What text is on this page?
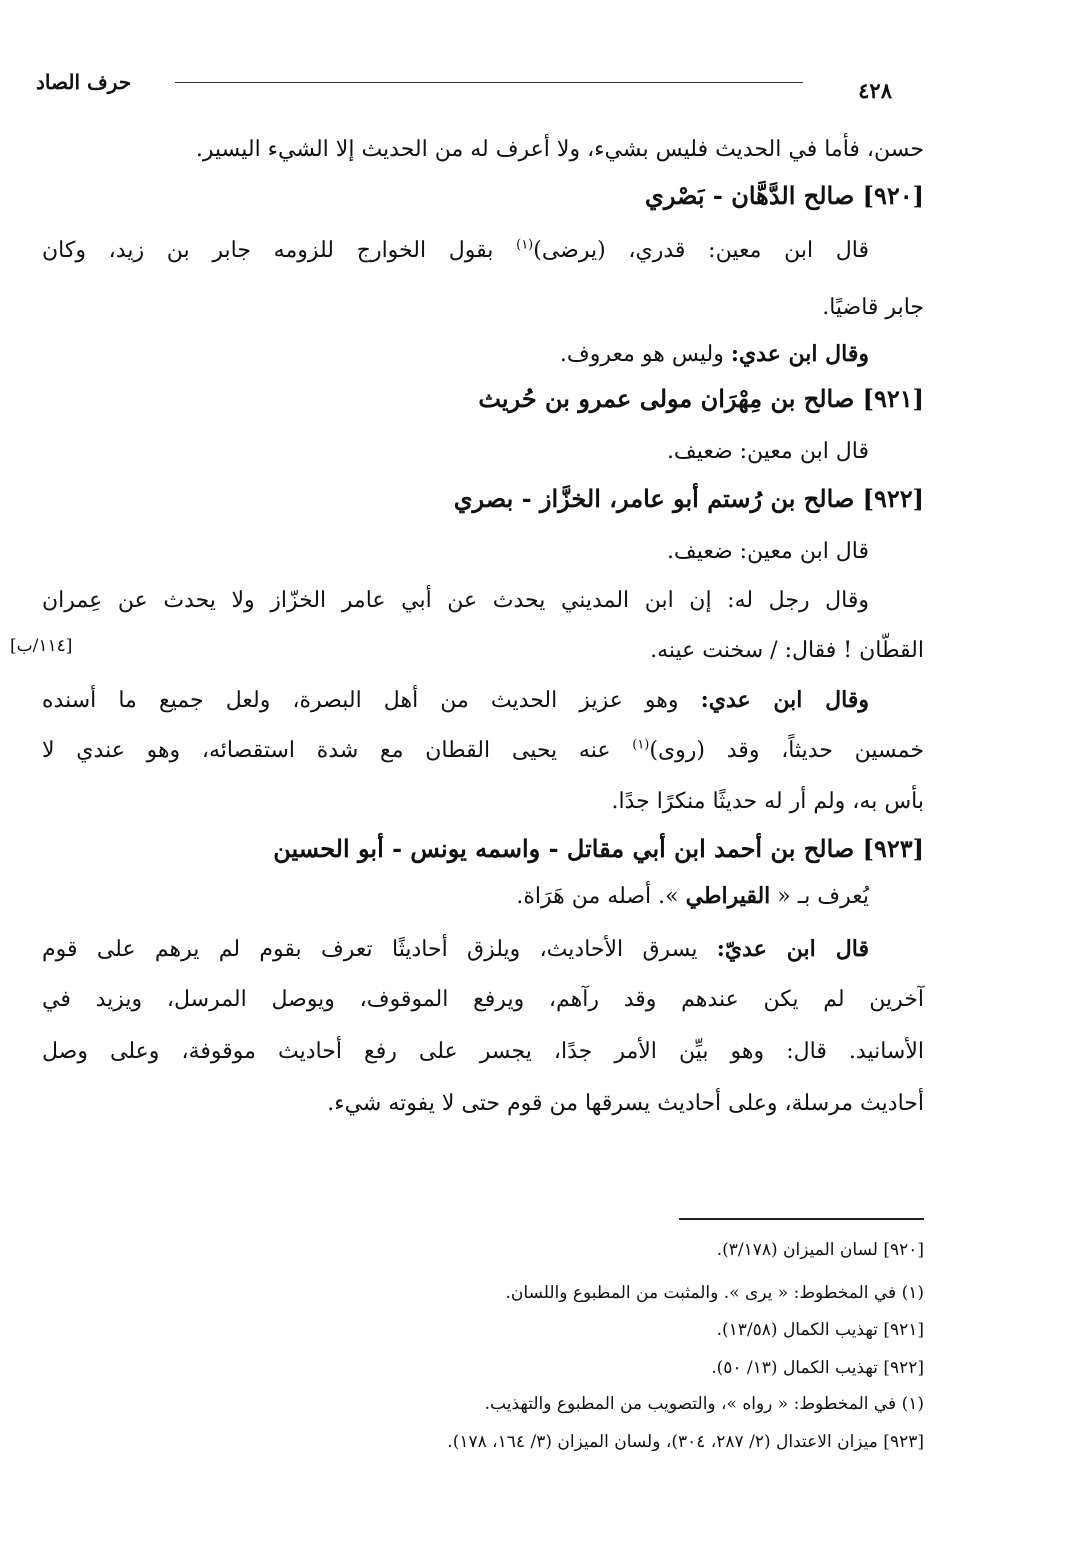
حرف الصاد	٤٢٨
حسن، فأما في الحديث فليس بشيء، ولا أعرف له من الحديث إلا الشيء اليسير.
[٩٢٠] صالح الدَّهَّان - بَصْري
قال ابن معين: قدري، (يرضى)$^{(١)}$ بقول الخوارج للزومه جابر بن زيد، وكان
جابر قاضيًا.
وقال ابن عدي: وليس هو معروف.
[٩٢١] صالح بن مِهْرَان مولى عمرو بن حُريث
قال ابن معين: ضعيف.
[٩٢٢] صالح بن رُستم أبو عامر، الخزَّاز - بصري
قال ابن معين: ضعيف.
وقال رجل له: إن ابن المديني يحدث عن أبي عامر الخزّاز ولا يحدث عن عِمران
القطّان ! فقال: / سخنت عينه.
[١١٤/ب]
وقال ابن عدي: وهو عزيز الحديث من أهل البصرة، ولعل جميع ما أسنده
خمسين حديثاً، وقد (روى)$^{(١)}$ عنه يحيى القطان مع شدة استقصائه، وهو عندي لا
بأس به، ولم أر له حديثًا منكرًا جدًا.
[٩٢٣] صالح بن أحمد ابن أبي مقاتل - واسمه يونس - أبو الحسين
يُعرف بـ « القيراطي ». أصله من هَرَاة.
قال ابن عديّ: يسرق الأحاديث، ويلزق أحاديثًا تعرف بقوم لم يرهم على قوم
آخرين لم يكن عندهم وقد رآهم، ويرفع الموقوف، ويوصل المرسل، ويزيد في
الأسانيد. قال: وهو بيِّن الأمر جدًا، يجسر على رفع أحاديث موقوفة، وعلى وصل
أحاديث مرسلة، وعلى أحاديث يسرقها من قوم حتى لا يفوته شيء.
[٩٢٠] لسان الميزان (٣/١٧٨).
(١) في المخطوط: « يرى ». والمثبت من المطبوع واللسان.
[٩٢١] تهذيب الكمال (١٣/٥٨).
[٩٢٢] تهذيب الكمال (١٣/ ٥٠).
(١) في المخطوط: « رواه »، والتصويب من المطبوع والتهذيب.
[٩٢٣] ميزان الاعتدال (٢/ ٢٨٧، ٣٠٤)، ولسان الميزان (٣/ ١٦٤، ١٧٨).
